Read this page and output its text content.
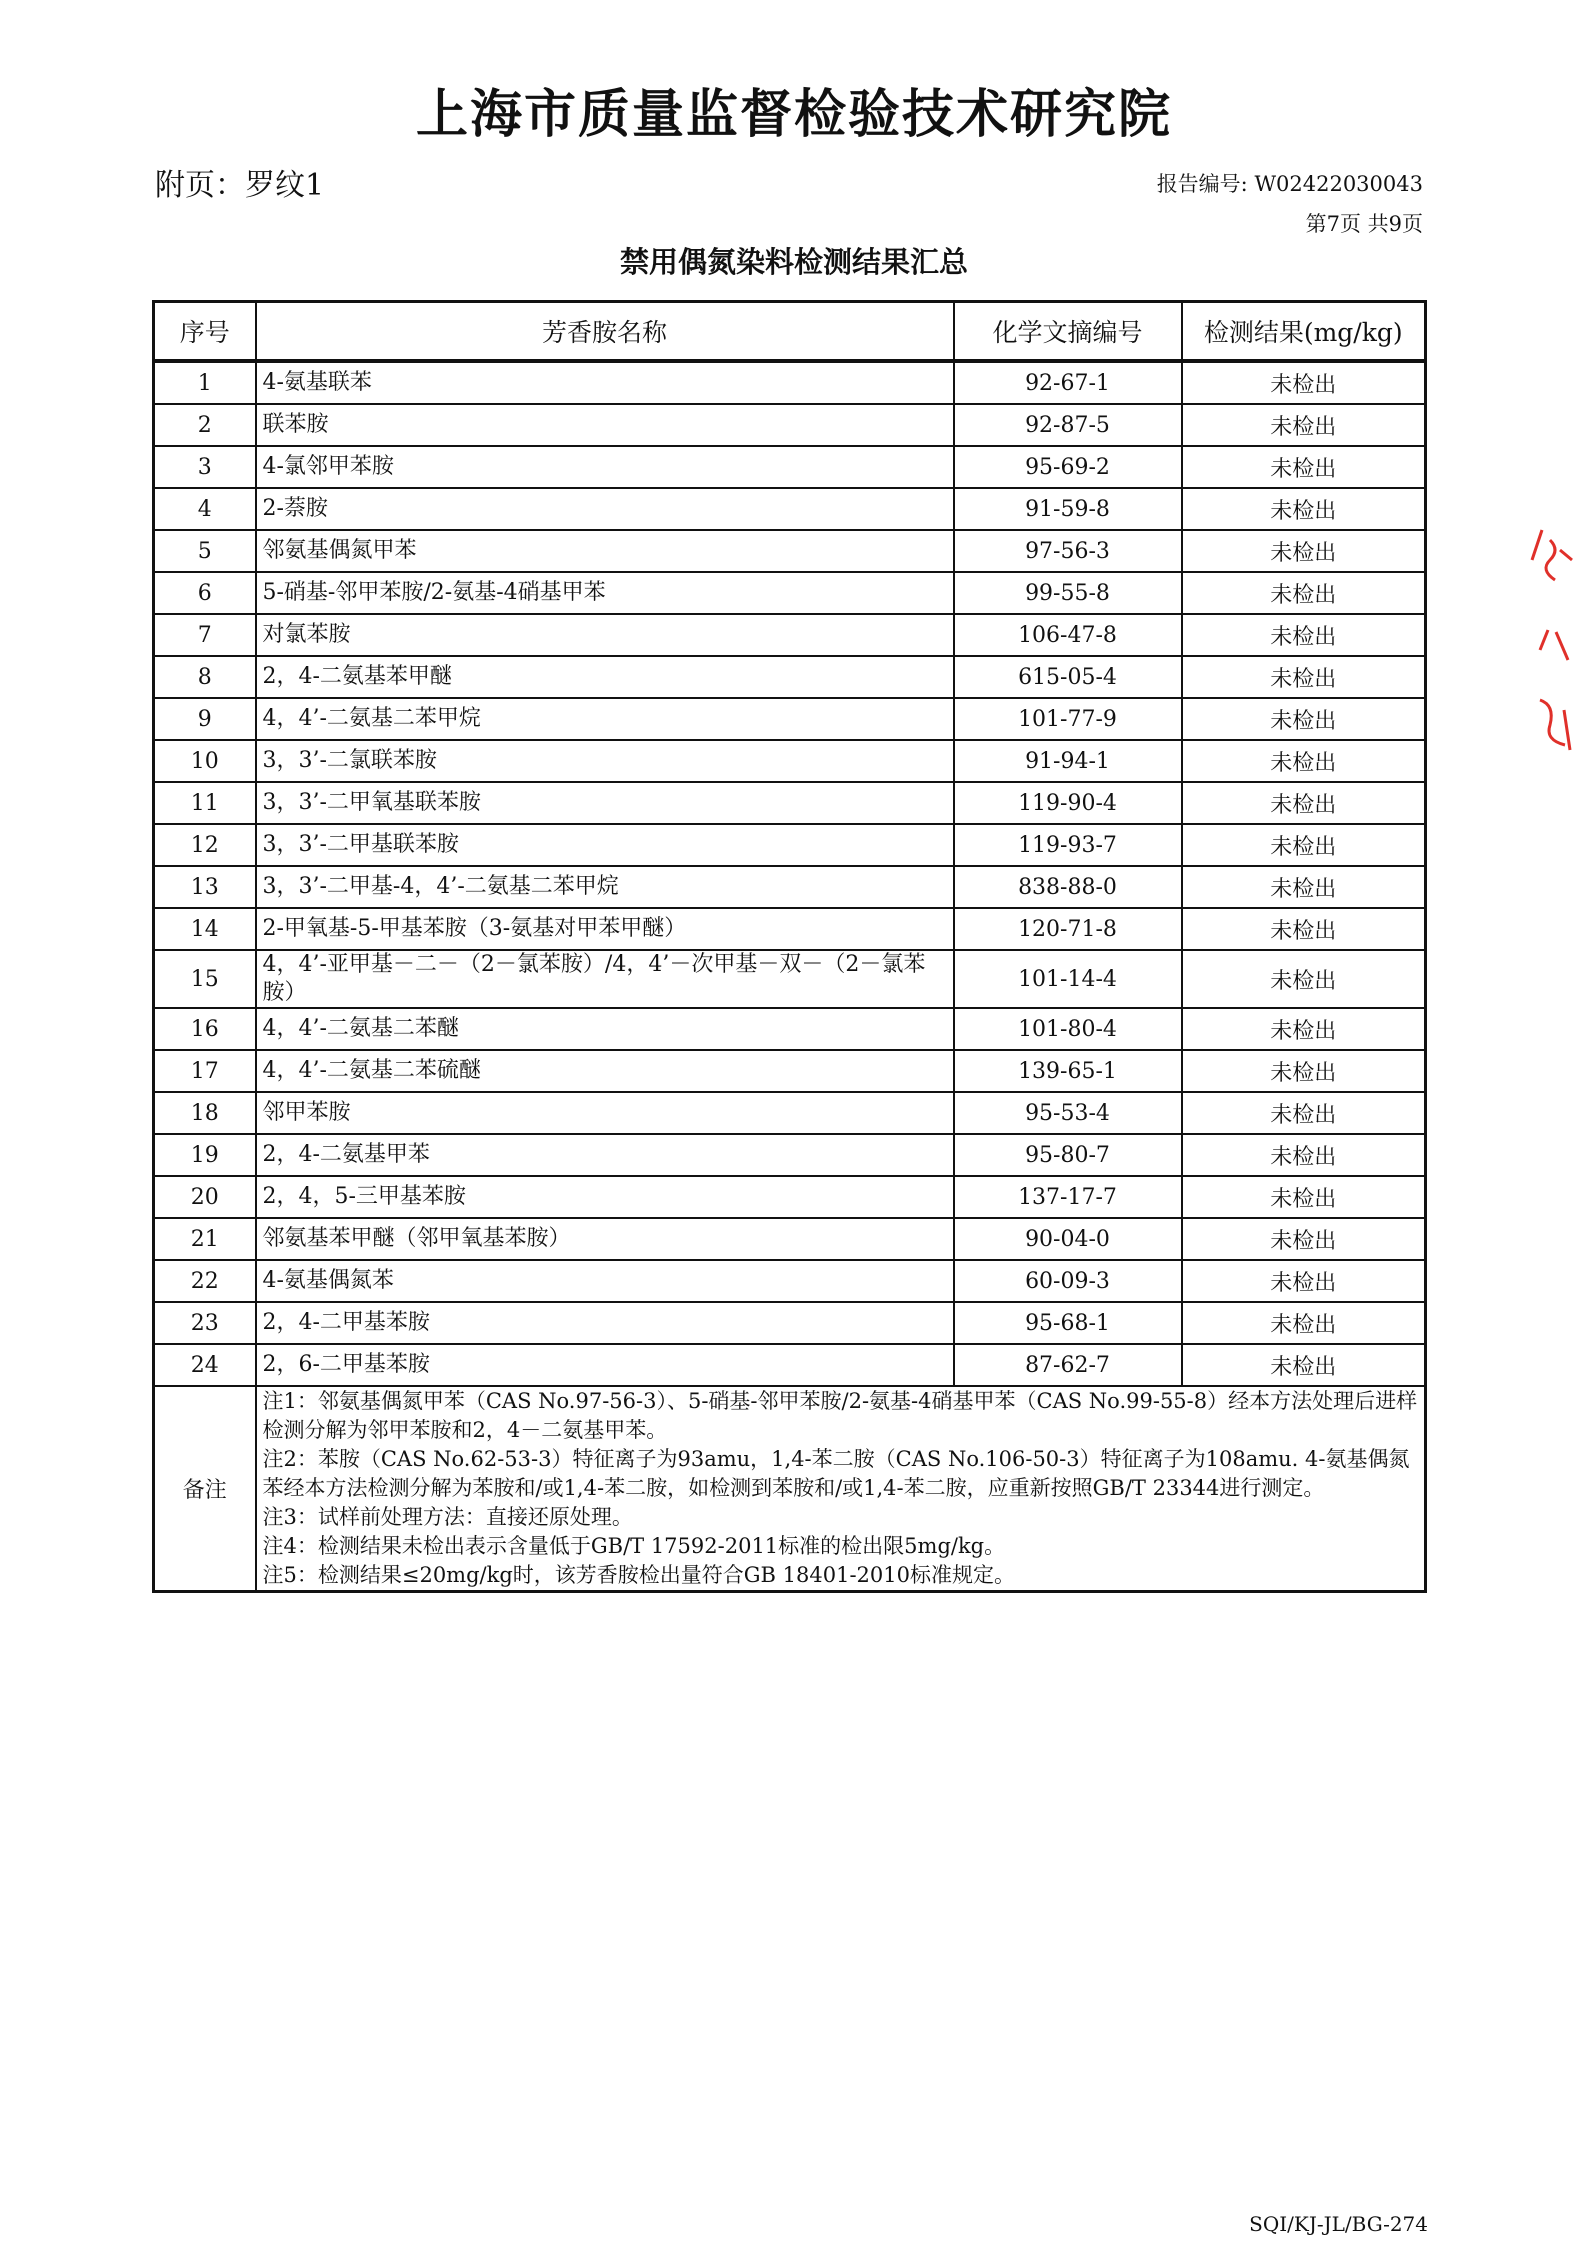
上海市质量监督检验技术研究院
附页：罗纹1	报告编号: W02422030043
第7页 共9页
禁用偶氮染料检测结果汇总
序号	芳香胺名称	化学文摘编号	检测结果(mg/kg)
1	4-氨基联苯	92-67-1	未检出
2	联苯胺	92-87-5	未检出
3	4-氯邻甲苯胺	95-69-2	未检出
4	2-萘胺	91-59-8	未检出
5	邻氨基偶氮甲苯	97-56-3	未检出
6	5-硝基-邻甲苯胺/2-氨基-4硝基甲苯	99-55-8	未检出
7	对氯苯胺	106-47-8	未检出
8	2，4-二氨基苯甲醚	615-05-4	未检出
9	4，4’-二氨基二苯甲烷	101-77-9	未检出
10	3，3’-二氯联苯胺	91-94-1	未检出
11	3，3’-二甲氧基联苯胺	119-90-4	未检出
12	3，3’-二甲基联苯胺	119-93-7	未检出
13	3，3’-二甲基-4，4’-二氨基二苯甲烷	838-88-0	未检出
14	2-甲氧基-5-甲基苯胺（3-氨基对甲苯甲醚）	120-71-8	未检出
15	4，4’-亚甲基－二－（2－氯苯胺）/4，4’－次甲基－双－（2－氯苯胺）	101-14-4	未检出
16	4，4’-二氨基二苯醚	101-80-4	未检出
17	4，4’-二氨基二苯硫醚	139-65-1	未检出
18	邻甲苯胺	95-53-4	未检出
19	2，4-二氨基甲苯	95-80-7	未检出
20	2，4，5-三甲基苯胺	137-17-7	未检出
21	邻氨基苯甲醚（邻甲氧基苯胺）	90-04-0	未检出
22	4-氨基偶氮苯	60-09-3	未检出
23	2，4-二甲基苯胺	95-68-1	未检出
24	2，6-二甲基苯胺	87-62-7	未检出
备注	注1：邻氨基偶氮甲苯（CAS No.97-56-3）、5-硝基-邻甲苯胺/2-氨基-4硝基甲苯（CAS No.99-55-8）经本方法处理后进样检测分解为邻甲苯胺和2，4－二氨基甲苯。
注2：苯胺（CAS No.62-53-3）特征离子为93amu，1,4-苯二胺（CAS No.106-50-3）特征离子为108amu. 4-氨基偶氮苯经本方法检测分解为苯胺和/或1,4-苯二胺，如检测到苯胺和/或1,4-苯二胺，应重新按照GB/T 23344进行测定。
注3：试样前处理方法：直接还原处理。
注4：检测结果未检出表示含量低于GB/T 17592-2011标准的检出限5mg/kg。
注5：检测结果≤20mg/kg时，该芳香胺检出量符合GB 18401-2010标准规定。		
SQI/KJ-JL/BG-274
